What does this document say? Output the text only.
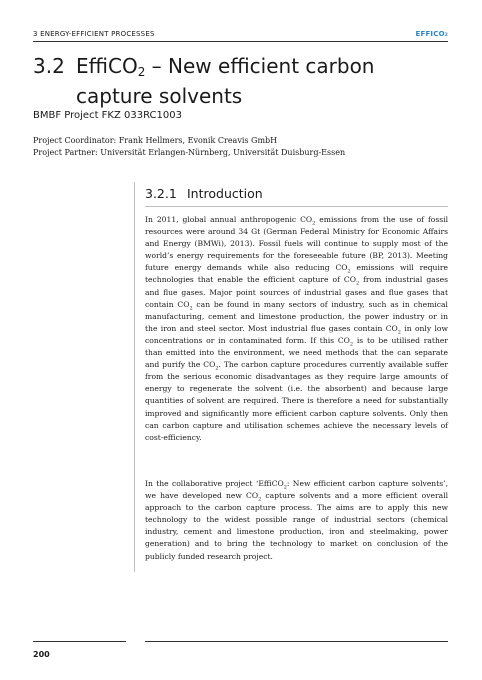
3 ENERGY-EFFICIENT PROCESSES	EFFICO₂
3.2 EffiCO$_2$ – New efficient carbon capture solvents
BMBF Project FKZ 033RC1003
Project Coordinator: Frank Hellmers, Evonik Creavis GmbH
Project Partner: Universität Erlangen-Nürnberg, Universität Duisburg-Essen
3.2.1 Introduction
In 2011, global annual anthropogenic $CO_2$ emissions from the use of fossil resources were around 34 Gt (German Federal Ministry for Economic Affairs and Energy (BMWi), 2013). Fossil fuels will continue to supply most of the world’s energy requirements for the foreseeable future (BP, 2013). Meeting future energy demands while also reducing $CO_2$ emissions will require technologies that enable the efficient capture of $CO_2$ from industrial gases and flue gases. Major point sources of industrial gases and flue gases that contain $CO_2$ can be found in many sectors of industry, such as in chemical manufacturing, cement and limestone production, the power industry or in the iron and steel sector. Most industrial flue gases contain $CO_2$ in only low concentrations or in contaminated form. If this $CO_2$ is to be utilised rather than emitted into the environment, we need methods that the can separate and purify the $CO_2$. The carbon capture procedures currently available suffer from the serious economic disadvantages as they require large amounts of energy to regenerate the solvent (i.e. the absorbent) and because large quantities of solvent are required. There is therefore a need for substantially improved and significantly more efficient carbon capture solvents. Only then can carbon capture and utilisation schemes achieve the necessary levels of cost-efficiency.
In the collaborative project ‘EffiCO$_2$: New efficient carbon capture solvents’, we have developed new $CO_2$ capture solvents and a more efficient overall approach to the carbon capture process. The aims are to apply this new technology to the widest possible range of industrial sectors (chemical industry, cement and limestone production, iron and steelmaking, power generation) and to bring the technology to market on conclusion of the publicly funded research project.
200
